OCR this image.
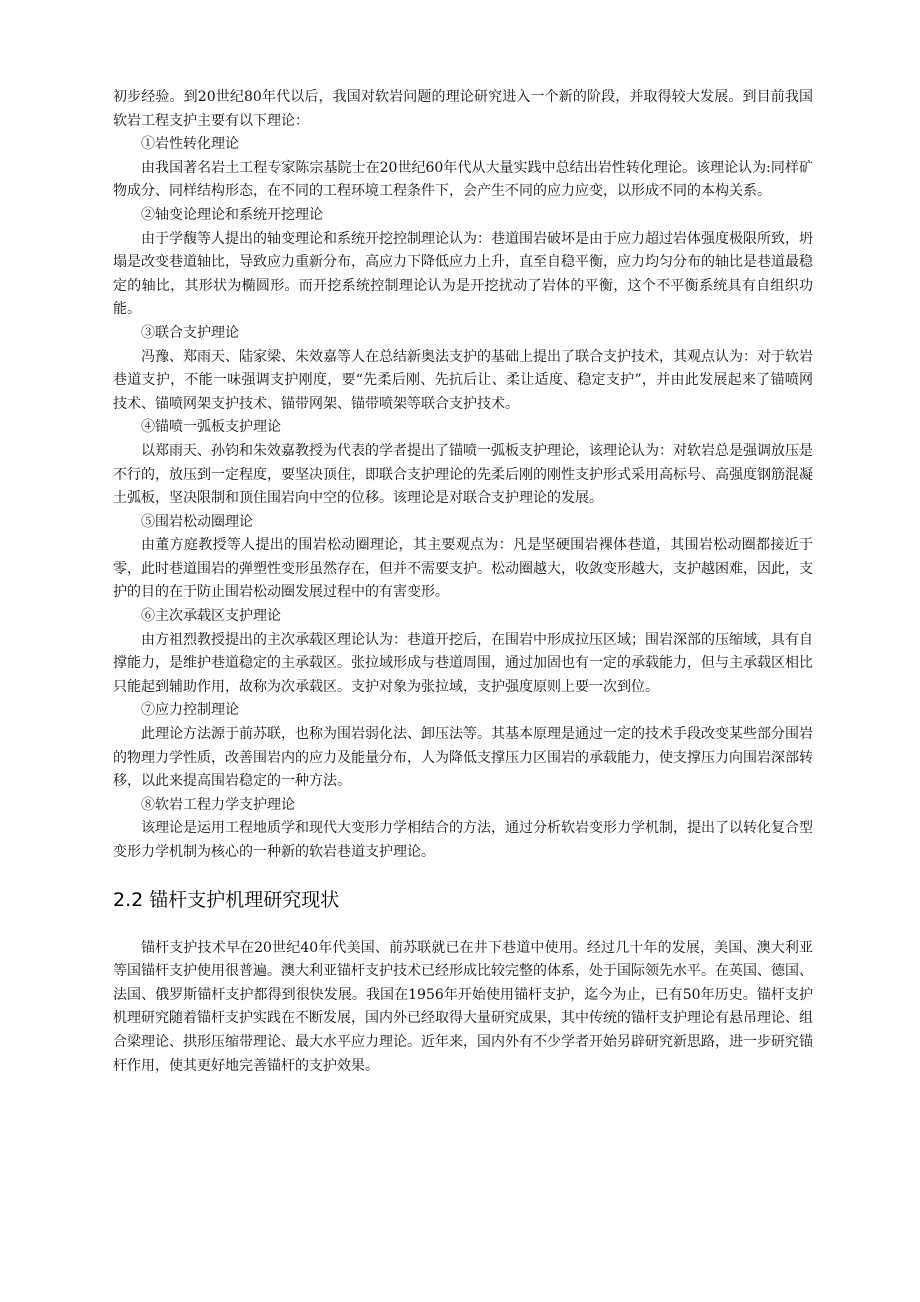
初步经验。到20世纪80年代以后，我国对软岩问题的理论研究进入一个新的阶段，并取得较大发展。到目前我国软岩工程支护主要有以下理论：

①岩性转化理论

由我国著名岩土工程专家陈宗基院士在20世纪60年代从大量实践中总结出岩性转化理论。该理论认为:同样矿物成分、同样结构形态，在不同的工程环境工程条件下，会产生不同的应力应变，以形成不同的本构关系。

②轴变论理论和系统开挖理论

由于学馥等人提出的轴变理论和系统开挖控制理论认为：巷道围岩破坏是由于应力超过岩体强度极限所致，坍塌是改变巷道轴比，导致应力重新分布，高应力下降低应力上升，直至自稳平衡，应力均匀分布的轴比是巷道最稳定的轴比，其形状为椭圆形。而开挖系统控制理论认为是开挖扰动了岩体的平衡，这个不平衡系统具有自组织功能。

③联合支护理论

冯豫、郑雨天、陆家梁、朱效嘉等人在总结新奥法支护的基础上提出了联合支护技术，其观点认为：对于软岩巷道支护，不能一味强调支护刚度，要“先柔后刚、先抗后让、柔让适度、稳定支护”，并由此发展起来了锚喷网技术、锚喷网架支护技术、锚带网架、锚带喷架等联合支护技术。

④锚喷一弧板支护理论

以郑雨天、孙钧和朱效嘉教授为代表的学者提出了锚喷一弧板支护理论，该理论认为：对软岩总是强调放压是不行的，放压到一定程度，要坚决顶住，即联合支护理论的先柔后刚的刚性支护形式采用高标号、高强度钢筋混凝土弧板，坚决限制和顶住围岩向中空的位移。该理论是对联合支护理论的发展。

⑤围岩松动圈理论

由董方庭教授等人提出的围岩松动圈理论，其主要观点为：凡是坚硬围岩裸体巷道，其围岩松动圈都接近于零，此时巷道围岩的弹塑性变形虽然存在，但并不需要支护。松动圈越大，收敛变形越大，支护越困难，因此，支护的目的在于防止围岩松动圈发展过程中的有害变形。

⑥主次承载区支护理论

由方祖烈教授提出的主次承载区理论认为：巷道开挖后，在围岩中形成拉压区域；围岩深部的压缩域，具有自撑能力，是维护巷道稳定的主承载区。张拉域形成与巷道周围，通过加固也有一定的承载能力，但与主承载区相比只能起到辅助作用，故称为次承载区。支护对象为张拉域，支护强度原则上要一次到位。

⑦应力控制理论

此理论方法源于前苏联，也称为围岩弱化法、卸压法等。其基本原理是通过一定的技术手段改变某些部分围岩的物理力学性质，改善围岩内的应力及能量分布，人为降低支撑压力区围岩的承载能力，使支撑压力向围岩深部转移，以此来提高围岩稳定的一种方法。

⑧软岩工程力学支护理论

该理论是运用工程地质学和现代大变形力学相结合的方法，通过分析软岩变形力学机制，提出了以转化复合型变形力学机制为核心的一种新的软岩巷道支护理论。

2.2 锚杆支护机理研究现状

锚杆支护技术早在20世纪40年代美国、前苏联就已在井下巷道中使用。经过几十年的发展，美国、澳大利亚等国锚杆支护使用很普遍。澳大利亚锚杆支护技术已经形成比较完整的体系，处于国际领先水平。在英国、德国、法国、俄罗斯锚杆支护都得到很快发展。我国在1956年开始使用锚杆支护，迄今为止，已有50年历史。锚杆支护机理研究随着锚杆支护实践在不断发展，国内外已经取得大量研究成果，其中传统的锚杆支护理论有悬吊理论、组合梁理论、拱形压缩带理论、最大水平应力理论。近年来，国内外有不少学者开始另辟研究新思路，进一步研究锚杆作用，使其更好地完善锚杆的支护效果。
